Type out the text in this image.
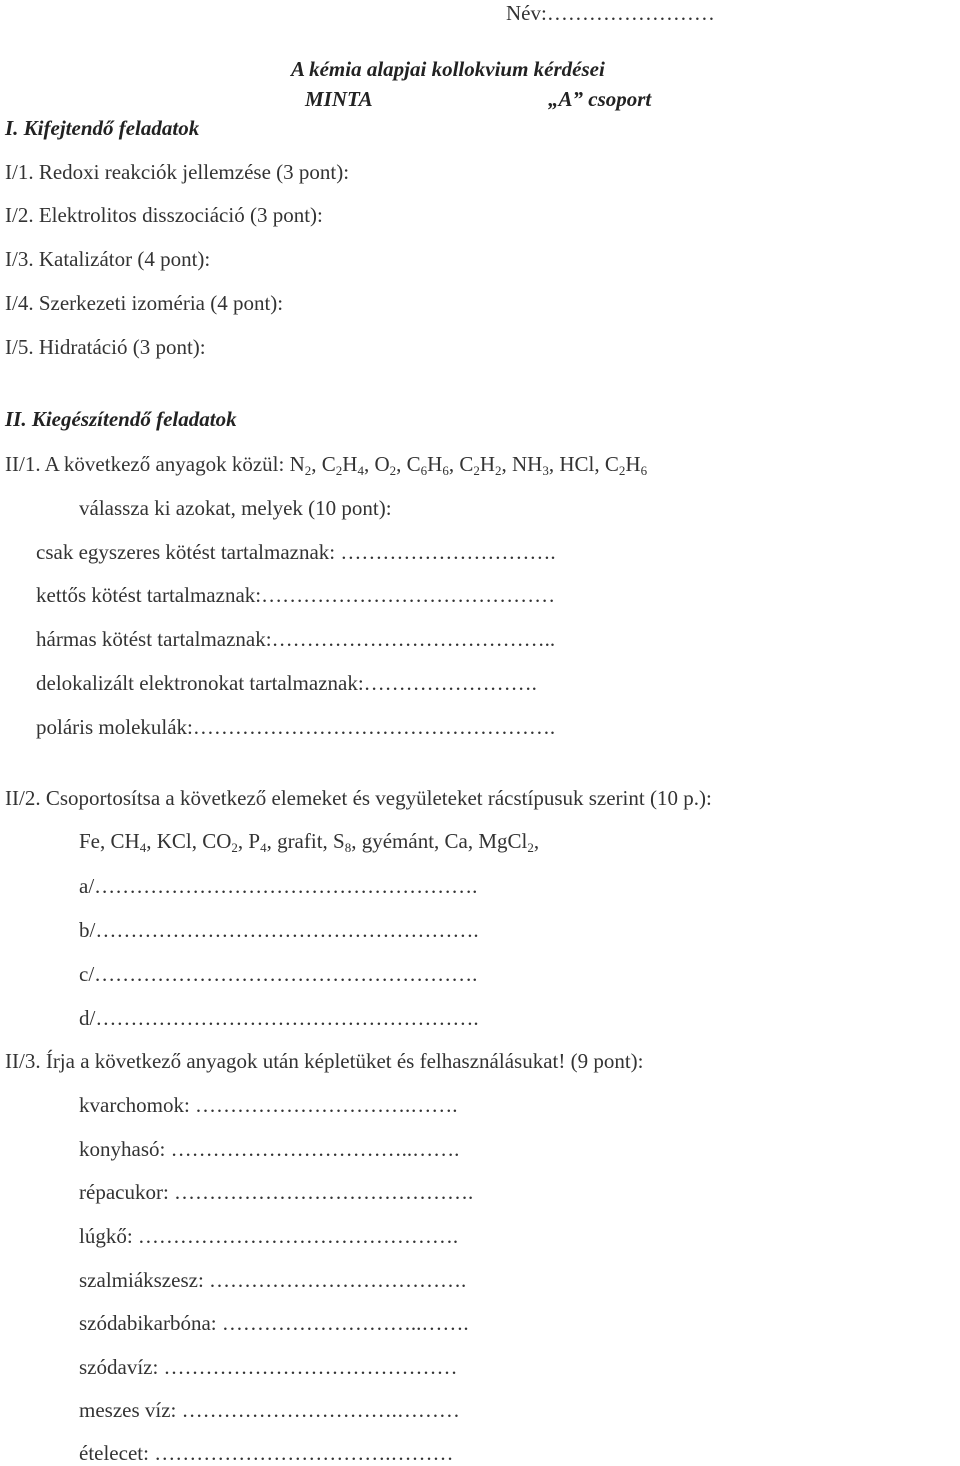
Név:……………………
A kémia alapjai kollokvium kérdései
MINTA	„A” csoport
I. Kifejtendő feladatok
I/1. Redoxi reakciók jellemzése (3 pont):
I/2. Elektrolitos disszociáció (3 pont):
I/3. Katalizátor (4 pont):
I/4. Szerkezeti izoméria (4 pont):
I/5. Hidratáció (3 pont):
II. Kiegészítendő feladatok
II/1. A következő anyagok közül: $N_2$, $C_2H_4$, $O_2$, $C_6H_6$, $C_2H_2$, $NH_3$, HCl, $C_2H_6$
válassza ki azokat, melyek (10 pont):
csak egyszeres kötést tartalmaznak: ………………………….
kettős kötést tartalmaznak:……………………………………
hármas kötést tartalmaznak:…………………………………..
delokalizált elektronokat tartalmaznak:…………………….
poláris molekulák:…………………………………………….
II/2. Csoportosítsa a következő elemeket és vegyületeket rácstípusuk szerint (10 p.):
Fe, $CH_4$, KCl, $CO_2$, $P_4$, grafit, $S_8$, gyémánt, Ca, MgCl$_2$,
a/……………………………………………….
b/……………………………………………….
c/……………………………………………….
d/……………………………………………….
II/3. Írja a következő anyagok után képletüket és felhasználásukat! (9 pont):
kvarchomok: ………………………….…….
konyhasó: ……………………………..…….
répacukor: …………………………………….
lúgkő: ……………………………………….
szalmiákszesz: ……………………………….
szódabikarbóna: ………………………..…….
szódavíz: ……………………………………
meszes víz: ………………………….………
ételecet: …………………………….………
